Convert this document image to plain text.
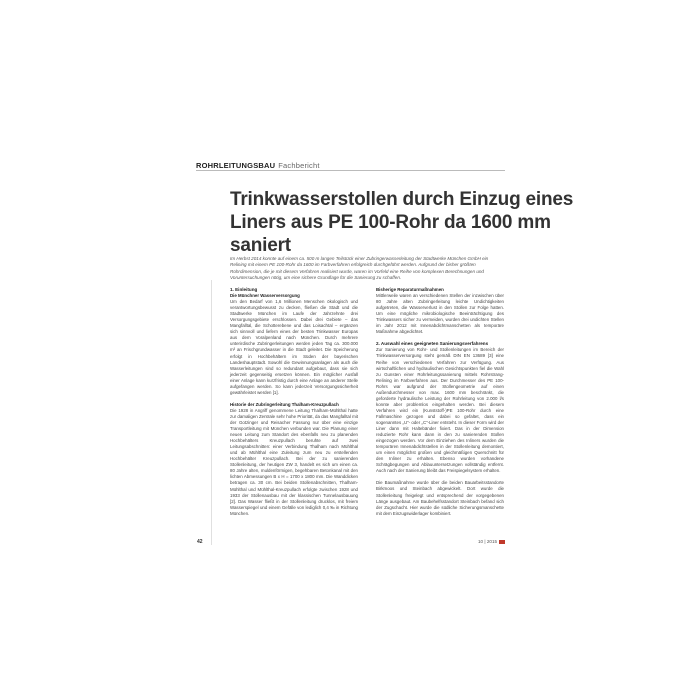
ROHRLEITUNGSBAU Fachbericht
Trinkwasserstollen durch Einzug eines
Liners aus PE 100-Rohr da 1600 mm
saniert
Im Herbst 2014 konnte auf einem ca. 500 m langen Teilstück einer Zubringerwasserleitung der Stadtwerke München GmbH ein Relining mit einem PE 100-Rohr da 1600 im Farbverfahren erfolgreich durchgeführt werden. Aufgrund der bisher größten Rohrdimension, die je mit diesem Verfahren realisiert wurde, waren im Vorfeld eine Reihe von komplexen Berechnungen und Voruntersuchungen nötig, um eine sichere Grundlage für die Sanierung zu schaffen.
1. Einleitung
Die Münchner Wasserversorgung

Um den Bedarf von 1,6 Millionen Menschen ökologisch und verantwortungsbewusst zu decken, fließen die Stadt und die Stadtwerke München im Laufe der Jahrzehnte drei Versorgungsgebiete erschlossen. Dabei drei Gebiete – das Mangfalltal, die Schotterebene und das Loisachtal – ergänzen sich sinnvoll und liefern eines der besten Trinkwasser Europas aus dem Voralpenland nach München. Durch mehrere unterirdische Zubringerleitungen werden jeden Tag ca. 300.000 m³ an Frischgrundwasser in die Stadt geleitet. Die Speicherung erfolgt in Hochbehältern im Süden der bayerischen Landeshauptstadt. Sowohl die Gewinnungsanlagen als auch die Wasserleitungen sind so redundant aufgebaut, dass sie sich jederzeit gegenseitig ersetzen können. Ein möglicher Ausfall einer Anlage kann kurzfristig durch eine Anlage an anderer Stelle aufgefangen werden. So kann jederzeit Versorgungssicherheit gewährleistet werden [1].

Historie der Zubringerleitung Thalham-Kreuzpullach

Die 1928 in Angriff genommene Leitung Thalham-Mühlthal hatte zur damaligen Zentrale sehr hohe Priorität, da das Mangfalltal mit der Gotzinger und Reisacher Fassung nur über eine einzige Transportleitung mit München verbunden war. Die Planung einer neuen Leitung zum Standort des ebenfalls neu zu planenden Hochbehälters Kreuzpullach beruhte auf zwei Leitungsabschnitten: einer Verbindung Thalham nach Mühlthal und ab Mühlthal eine Zuleitung zum neu zu erstellenden Hochbehälter Kreuzpullach. Bei der zu sanierenden Stollenleitung, der heutigen ZW 3, handelt es sich um einen ca. 80 Jahre alten, muldenförmigen, begehbaren Betonkanal mit den lichten Abmessungen B x H = 1700 x 1800 mm. Die Wanddicken betragen ca. 30 cm. Bei beiden Stollenabschnitten, Thalham-Mühlthal und Mühlthal-Kreuzpullach erfolgte zwischen 1928 und 1933 der Stollenausbau mit der klassischen Tunnelausbauung [2]. Das Wasser fließt in der Stollenleitung drucklos, mit freiem Wasserspiegel und einem Gefälle von lediglich 0,4 ‰ in Richtung München.

Bisherige Reparaturmaßnahmen

Mittlerweile waren an verschiedenen Stellen der inzwischen über 80 Jahre alten Zubringerleitung leichte Undichtigkeiten aufgetreten, die Wasserverlust in den Stollen zur Folge hatten. Um eine mögliche mikrobiologische Beeinträchtigung des Trinkwassers sicher zu vermeiden, wurden drei undichten Stellen im Jahr 2012 mit Innenabdichtmanschetten als temporäre Maßnahme abgedichtet.

2. Auswahl eines geeigneten Sanierungsverfahrens

Zur Sanierung von Rohr- und Stollenleitungen im Bereich der Trinkwasserversorgung steht gemäß DIN EN 13689 [3] eine Reihe von verschiedenen Verfahren zur Verfügung. Aus wirtschaftlichen und hydraulischen Gesichtspunkten fiel die Wahl zu Gunsten einer Rohrleitungssanierung mittels Rohrstrang-Relining im Farbverfahren aus. Der Durchmesser des PE 100-Rohrs war aufgrund der Stollengeometrie auf einen Außendurchmesser von max. 1600 mm beschränkt, die geforderte hydraulische Leistung der Rohrleitung von 2.000 l/s konnte aber problemlos eingehalten werden. Bei diesem Verfahren wird ein (Kunststoff-)PE 100-Rohr durch eine Fallmaschine gezogen und dabei so gefaltet, dass ein sogenanntes „U“- oder „C“-Liner entsteht. In dieser Form wird der Liner dann mit Haltebänder fixiert. Das in der Dimension reduzierte Rohr kann dann in den zu sanierenden Stollen eingezogen werden. Vor dem Einziehen des Inliners wurden die temporären Innenabdichtstellen in der Stollenleitung demontiert, um einen möglichst großen und gleichmäßigen Querschnitt für den Inliner zu erhalten. Ebenso wurden vorhandene Schrägbegungen und Ablauuntersetzungen vollständig entfernt. Auch nach der Sanierung bleibt das Freispiegelsystem erhalten.

Die Baumaßnahme wurde über die beiden Bauarbeitsstandorte Birkmoos und Steinbach abgewickelt. Dort wurde die Stollenleitung freigelegt und entsprechend der vorgegebenen Länge ausgebaut. Am Baubehelfsstandort Steinbach befand sich der Zugschacht. Hier wurde die südliche Sicherungsmanschette mit dem Einzugswiderlager kombiniert.

42	10 | 2015
